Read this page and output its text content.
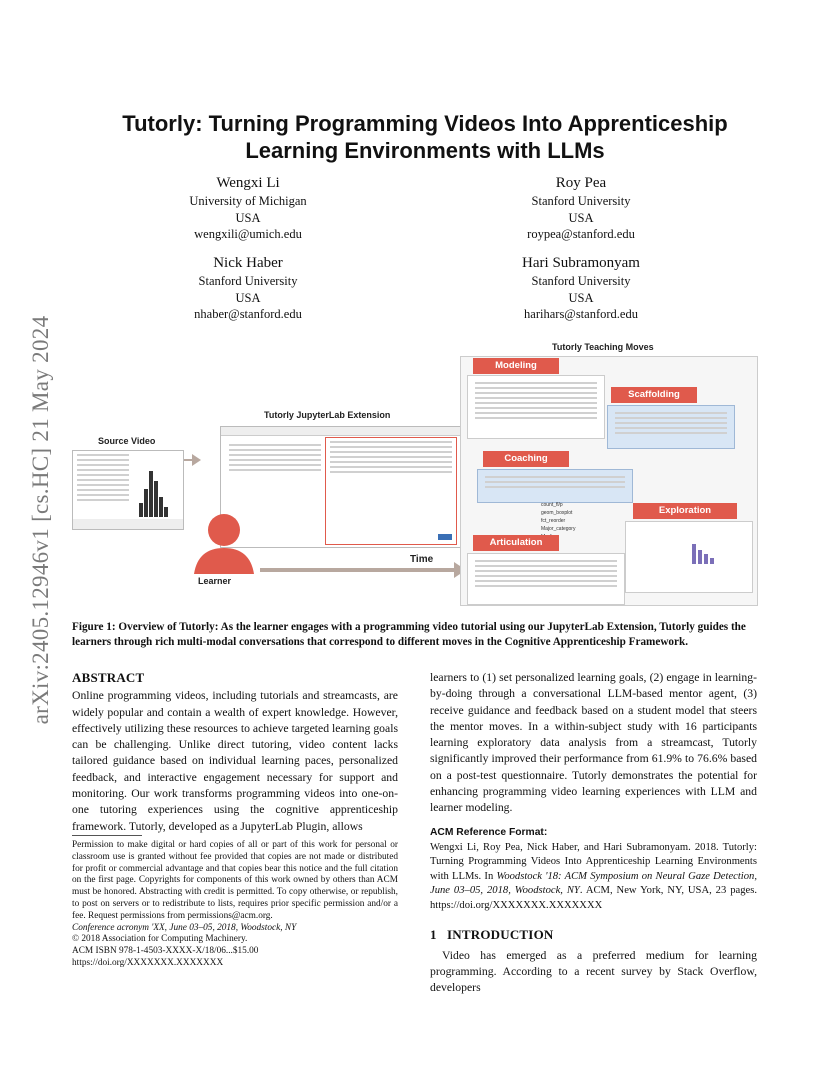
arXiv:2405.12946v1 [cs.HC] 21 May 2024
Tutorly: Turning Programming Videos Into Apprenticeship
Learning Environments with LLMs
Wengxi Li
University of Michigan
USA
wengxili@umich.edu
Roy Pea
Stanford University
USA
roypea@stanford.edu
Nick Haber
Stanford University
USA
nhaber@stanford.edu
Hari Subramonyam
Stanford University
USA
harihars@stanford.edu
Tutorly Teaching Moves
Tutorly JupyterLab Extension
Source Video
Learner
Time
Modeling
Scaffolding
Coaching
count_fl/p
geom_boxplot
fct_reorder
Major_category
Exploration
Articulation
Figure 1: Overview of Tutorly: As the learner engages with a programming video tutorial using our JupyterLab Extension, Tutorly guides the learners through rich multi-modal conversations that correspond to different moves in the Cognitive Apprenticeship Framework.
ABSTRACT
Online programming videos, including tutorials and streamcasts, are widely popular and contain a wealth of expert knowledge. However, effectively utilizing these resources to achieve targeted learning goals can be challenging. Unlike direct tutoring, video content lacks tailored guidance based on individual learning paces, personalized feedback, and interactive engagement necessary for support and monitoring. Our work transforms programming videos into one-on-one tutoring experiences using the cognitive apprenticeship framework. Tutorly, developed as a JupyterLab Plugin, allows
Permission to make digital or hard copies of all or part of this work for personal or classroom use is granted without fee provided that copies are not made or distributed for profit or commercial advantage and that copies bear this notice and the full citation on the first page. Copyrights for components of this work owned by others than ACM must be honored. Abstracting with credit is permitted. To copy otherwise, or republish, to post on servers or to redistribute to lists, requires prior specific permission and/or a fee. Request permissions from permissions@acm.org.
Conference acronym 'XX, June 03–05, 2018, Woodstock, NY
© 2018 Association for Computing Machinery.
ACM ISBN 978-1-4503-XXXX-X/18/06...$15.00
https://doi.org/XXXXXXX.XXXXXXX
learners to (1) set personalized learning goals, (2) engage in learning-by-doing through a conversational LLM-based mentor agent, (3) receive guidance and feedback based on a student model that steers the mentor moves. In a within-subject study with 16 participants learning exploratory data analysis from a streamcast, Tutorly significantly improved their performance from 61.9% to 76.6% based on a post-test questionnaire. Tutorly demonstrates the potential for enhancing programming video learning experiences with LLM and learner modeling.
ACM Reference Format:
Wengxi Li, Roy Pea, Nick Haber, and Hari Subramonyam. 2018. Tutorly: Turning Programming Videos Into Apprenticeship Learning Environments with LLMs. In Woodstock '18: ACM Symposium on Neural Gaze Detection, June 03–05, 2018, Woodstock, NY. ACM, New York, NY, USA, 23 pages. https://doi.org/XXXXXXX.XXXXXXX
1   INTRODUCTION
Video has emerged as a preferred medium for learning programming. According to a recent survey by Stack Overflow, developers
